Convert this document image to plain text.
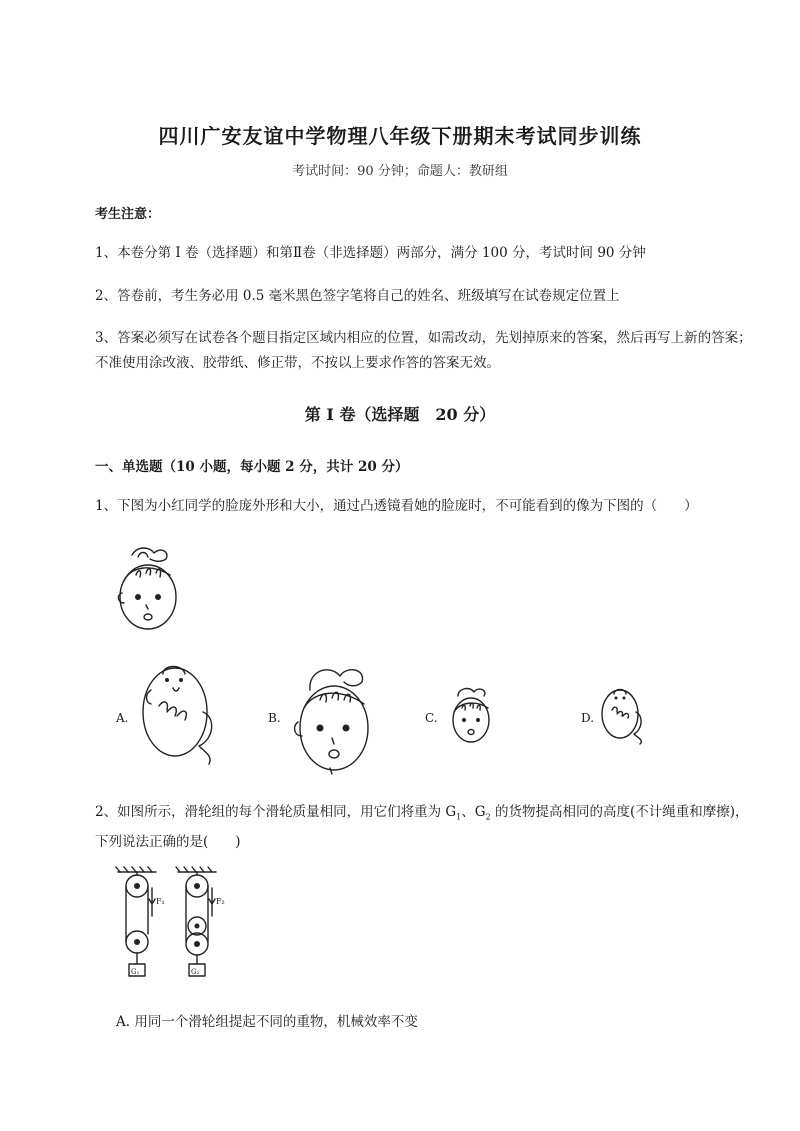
四川广安友谊中学物理八年级下册期末考试同步训练
考试时间：90 分钟；命题人：教研组
考生注意：
1、本卷分第 I 卷（选择题）和第Ⅱ卷（非选择题）两部分，满分 100 分，考试时间 90 分钟
2、答卷前，考生务必用 0.5 毫米黑色签字笔将自己的姓名、班级填写在试卷规定位置上
3、答案必须写在试卷各个题目指定区域内相应的位置，如需改动，先划掉原来的答案，然后再写上新的答案；不准使用涂改液、胶带纸、修正带，不按以上要求作答的答案无效。
第 I 卷（选择题　20 分）
一、单选题（10 小题，每小题 2 分，共计 20 分）
1、下图为小红同学的脸庞外形和大小，通过凸透镜看她的脸庞时，不可能看到的像为下图的（　　）
A.	B.	C.	D.
2、如图所示，滑轮组的每个滑轮质量相同，用它们将重为 $G_1$、$G_2$ 的货物提高相同的高度(不计绳重和摩擦)，下列说法正确的是(　　)
F₁
G₁
F₂
G₂
A. 用同一个滑轮组提起不同的重物，机械效率不变
